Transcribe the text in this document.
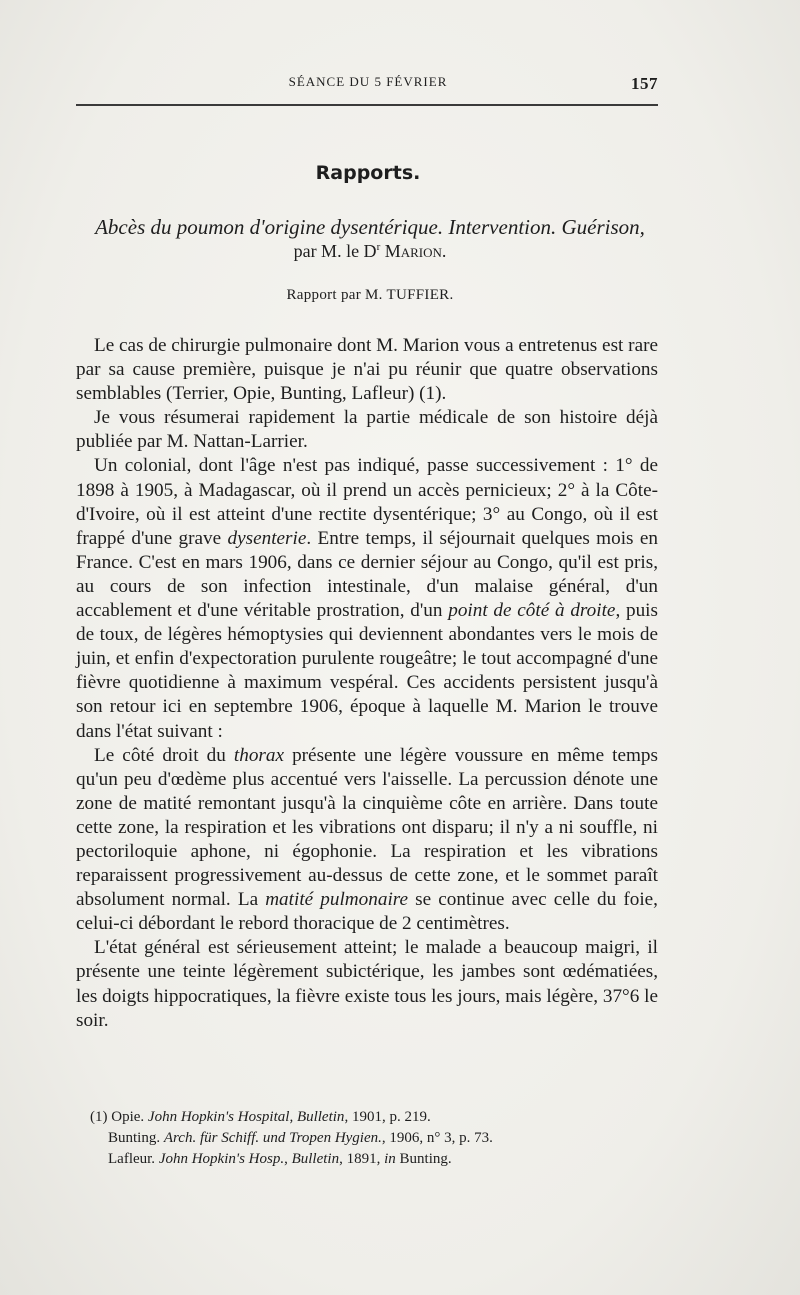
SÉANCE DU 5 FÉVRIER	157
Rapports.
Abcès du poumon d'origine dysentérique. Intervention. Guérison,
par M. le $D^r$ Marion.
Rapport par M. TUFFIER.

Le cas de chirurgie pulmonaire dont M. Marion vous a entretenus est rare par sa cause première, puisque je n'ai pu réunir que quatre observations semblables (Terrier, Opie, Bunting, Lafleur) (1).

Je vous résumerai rapidement la partie médicale de son histoire déjà publiée par M. Nattan-Larrier.

Un colonial, dont l'âge n'est pas indiqué, passe successivement : 1° de 1898 à 1905, à Madagascar, où il prend un accès pernicieux; 2° à la Côte-d'Ivoire, où il est atteint d'une rectite dysentérique; 3° au Congo, où il est frappé d'une grave dysenterie. Entre temps, il séjournait quelques mois en France. C'est en mars 1906, dans ce dernier séjour au Congo, qu'il est pris, au cours de son infection intestinale, d'un malaise général, d'un accablement et d'une véritable prostration, d'un point de côté à droite, puis de toux, de légères hémoptysies qui deviennent abondantes vers le mois de juin, et enfin d'expectoration purulente rougeâtre; le tout accompagné d'une fièvre quotidienne à maximum vespéral. Ces accidents persistent jusqu'à son retour ici en septembre 1906, époque à laquelle M. Marion le trouve dans l'état suivant :

Le côté droit du thorax présente une légère voussure en même temps qu'un peu d'œdème plus accentué vers l'aisselle. La percussion dénote une zone de matité remontant jusqu'à la cinquième côte en arrière. Dans toute cette zone, la respiration et les vibrations ont disparu; il n'y a ni souffle, ni pectoriloquie aphone, ni égophonie. La respiration et les vibrations reparaissent progressivement au-dessus de cette zone, et le sommet paraît absolument normal. La matité pulmonaire se continue avec celle du foie, celui-ci débordant le rebord thoracique de 2 centimètres.

L'état général est sérieusement atteint; le malade a beaucoup maigri, il présente une teinte légèrement subictérique, les jambes sont œdématiées, les doigts hippocratiques, la fièvre existe tous les jours, mais légère, 37°6 le soir.

(1) Opie. John Hopkin's Hospital, Bulletin, 1901, p. 219.
Bunting. Arch. für Schiff. und Tropen Hygien., 1906, n° 3, p. 73.
Lafleur. John Hopkin's Hosp., Bulletin, 1891, in Bunting.
